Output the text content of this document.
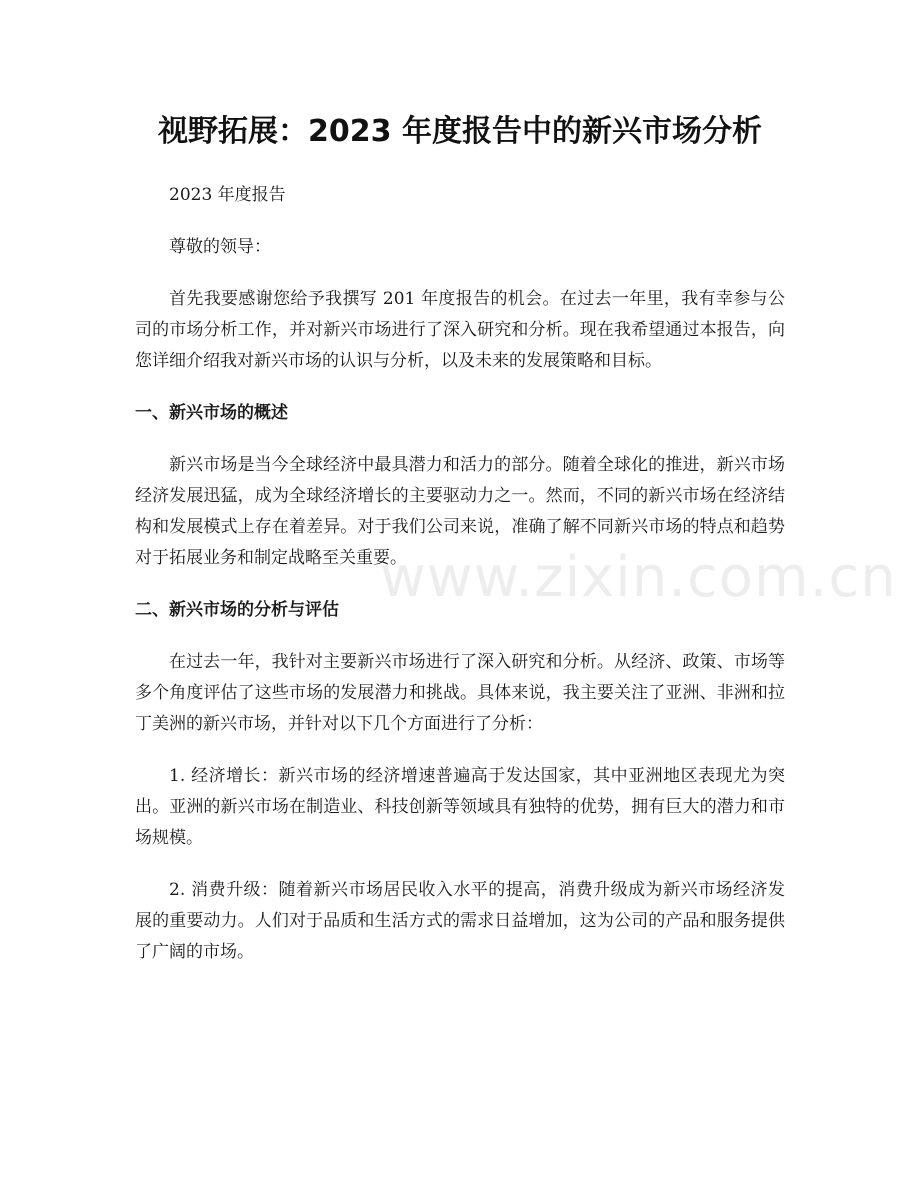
视野拓展：2023 年度报告中的新兴市场分析

2023 年度报告

尊敬的领导：

首先我要感谢您给予我撰写 201 年度报告的机会。在过去一年里，我有幸参与公司的市场分析工作，并对新兴市场进行了深入研究和分析。现在我希望通过本报告，向您详细介绍我对新兴市场的认识与分析，以及未来的发展策略和目标。

一、新兴市场的概述

新兴市场是当今全球经济中最具潜力和活力的部分。随着全球化的推进，新兴市场经济发展迅猛，成为全球经济增长的主要驱动力之一。然而，不同的新兴市场在经济结构和发展模式上存在着差异。对于我们公司来说，准确了解不同新兴市场的特点和趋势对于拓展业务和制定战略至关重要。

二、新兴市场的分析与评估

在过去一年，我针对主要新兴市场进行了深入研究和分析。从经济、政策、市场等多个角度评估了这些市场的发展潜力和挑战。具体来说，我主要关注了亚洲、非洲和拉丁美洲的新兴市场，并针对以下几个方面进行了分析：

1. 经济增长：新兴市场的经济增速普遍高于发达国家，其中亚洲地区表现尤为突出。亚洲的新兴市场在制造业、科技创新等领域具有独特的优势，拥有巨大的潜力和市场规模。

2. 消费升级：随着新兴市场居民收入水平的提高，消费升级成为新兴市场经济发展的重要动力。人们对于品质和生活方式的需求日益增加，这为公司的产品和服务提供了广阔的市场。

www.zixin.com.cn
